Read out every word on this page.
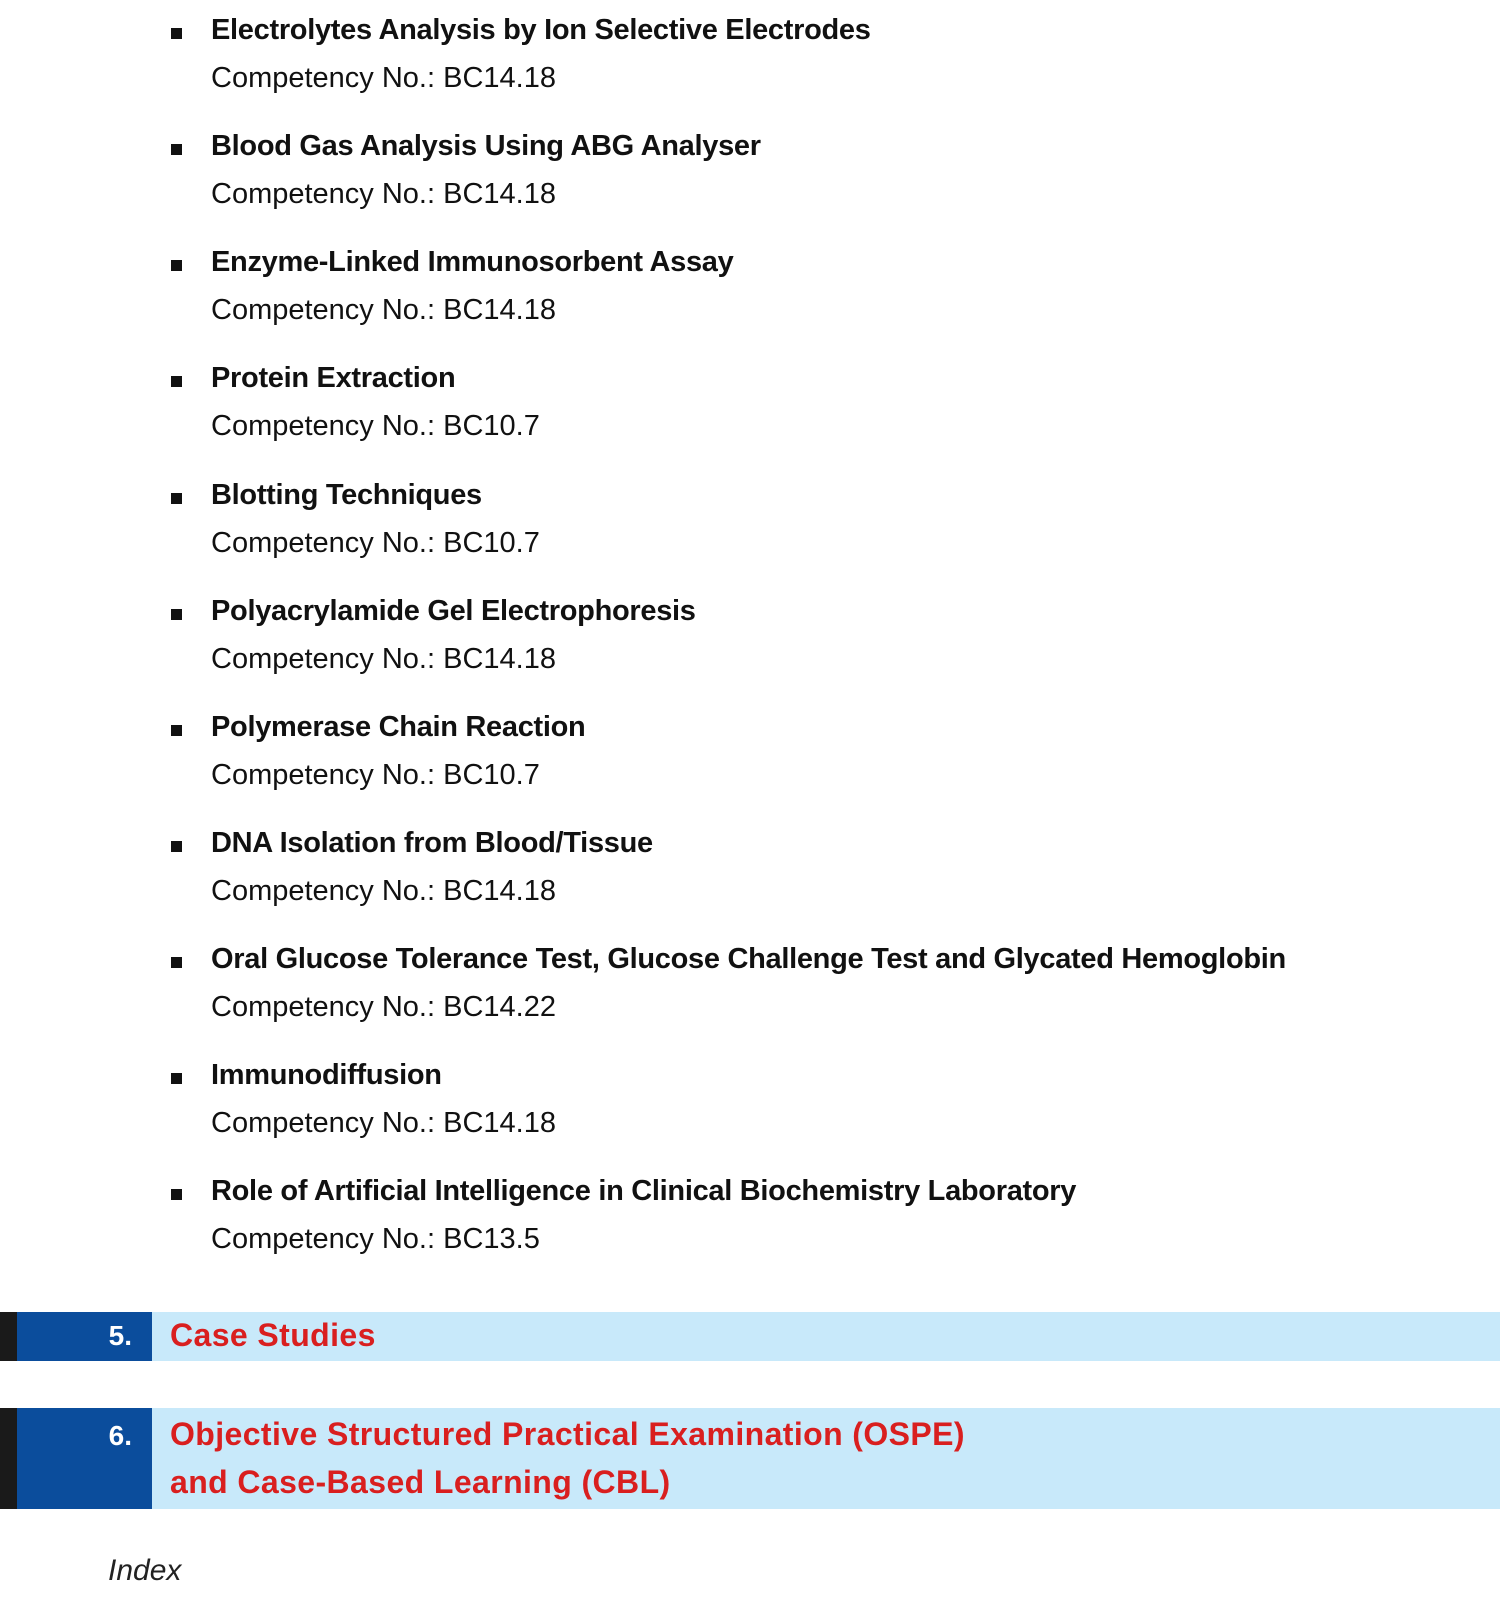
Electrolytes Analysis by Ion Selective Electrodes
Competency No.: BC14.18
Blood Gas Analysis Using ABG Analyser
Competency No.: BC14.18
Enzyme-Linked Immunosorbent Assay
Competency No.: BC14.18
Protein Extraction
Competency No.: BC10.7
Blotting Techniques
Competency No.: BC10.7
Polyacrylamide Gel Electrophoresis
Competency No.: BC14.18
Polymerase Chain Reaction
Competency No.: BC10.7
DNA Isolation from Blood/Tissue
Competency No.: BC14.18
Oral Glucose Tolerance Test, Glucose Challenge Test and Glycated Hemoglobin
Competency No.: BC14.22
Immunodiffusion
Competency No.: BC14.18
Role of Artificial Intelligence in Clinical Biochemistry Laboratory
Competency No.: BC13.5
5. Case Studies
6. Objective Structured Practical Examination (OSPE)
and Case-Based Learning (CBL)
Index
